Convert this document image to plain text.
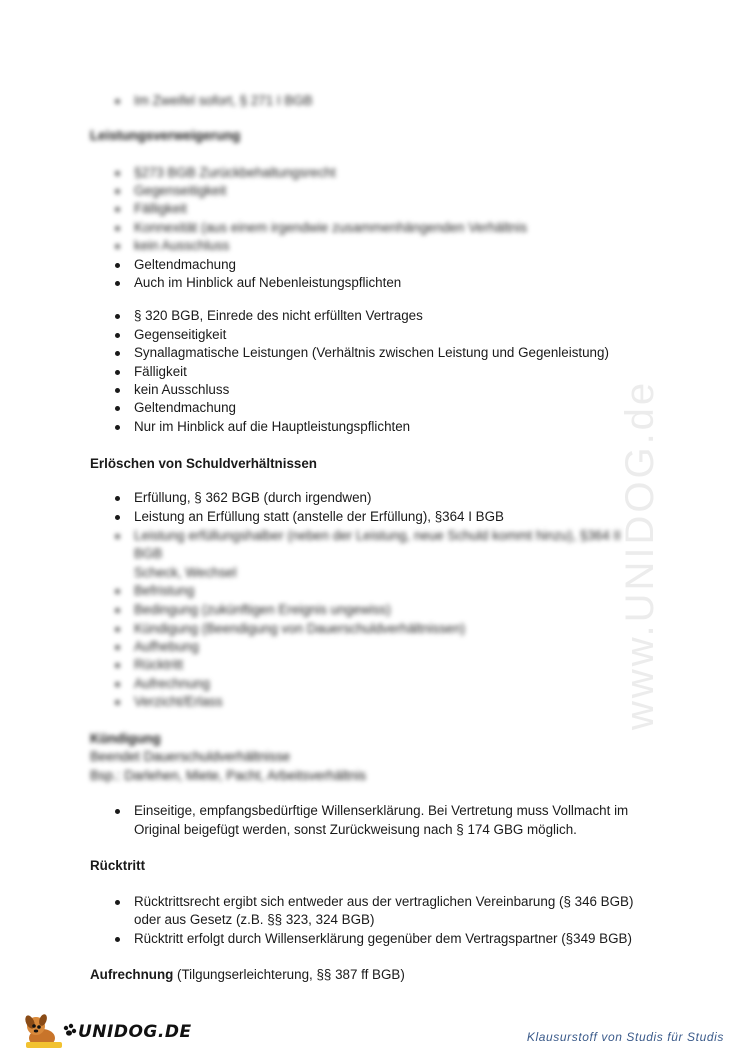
www.UNIDOG.de
Im Zweifel sofort, § 271 I BGB
Leistungsverweigerung
§273 BGB Zurückbehaltungsrecht
Gegenseitigkeit
Fälligkeit
Konnexität (aus einem irgendwie zusammenhängenden Verhältnis
kein Ausschluss
Geltendmachung
Auch im Hinblick auf Nebenleistungspflichten
§ 320 BGB, Einrede des nicht erfüllten Vertrages
Gegenseitigkeit
Synallagmatische Leistungen (Verhältnis zwischen Leistung und Gegenleistung)
Fälligkeit
kein Ausschluss
Geltendmachung
Nur im Hinblick auf die Hauptleistungspflichten
Erlöschen von Schuldverhältnissen
Erfüllung, § 362 BGB (durch irgendwen)
Leistung an Erfüllung statt (anstelle der Erfüllung), §364 I BGB
Leistung erfüllungshalber (neben der Leistung, neue Schuld kommt hinzu), §364 II
BGB
Scheck, Wechsel
Befristung
Bedingung (zukünftigen Ereignis ungewiss)
Kündigung (Beendigung von Dauerschuldverhältnissen)
Aufhebung
Rücktritt
Aufrechnung
Verzicht/Erlass
Kündigung
Beendet Dauerschuldverhältnisse
Bsp.: Darlehen, Miete, Pacht, Arbeitsverhältnis
Einseitige, empfangsbedürftige Willenserklärung. Bei Vertretung muss Vollmacht im
Original beigefügt werden, sonst Zurückweisung nach § 174 GBG möglich.
Rücktritt
Rücktrittsrecht ergibt sich entweder aus der vertraglichen Vereinbarung (§ 346 BGB)
oder aus Gesetz (z.B. §§ 323, 324 BGB)
Rücktritt erfolgt durch Willenserklärung gegenüber dem Vertragspartner (§349 BGB)
Aufrechnung (Tilgungserleichterung, §§ 387 ff BGB)
UNIDOG.DE	Klausurstoff von Studis für Studis
